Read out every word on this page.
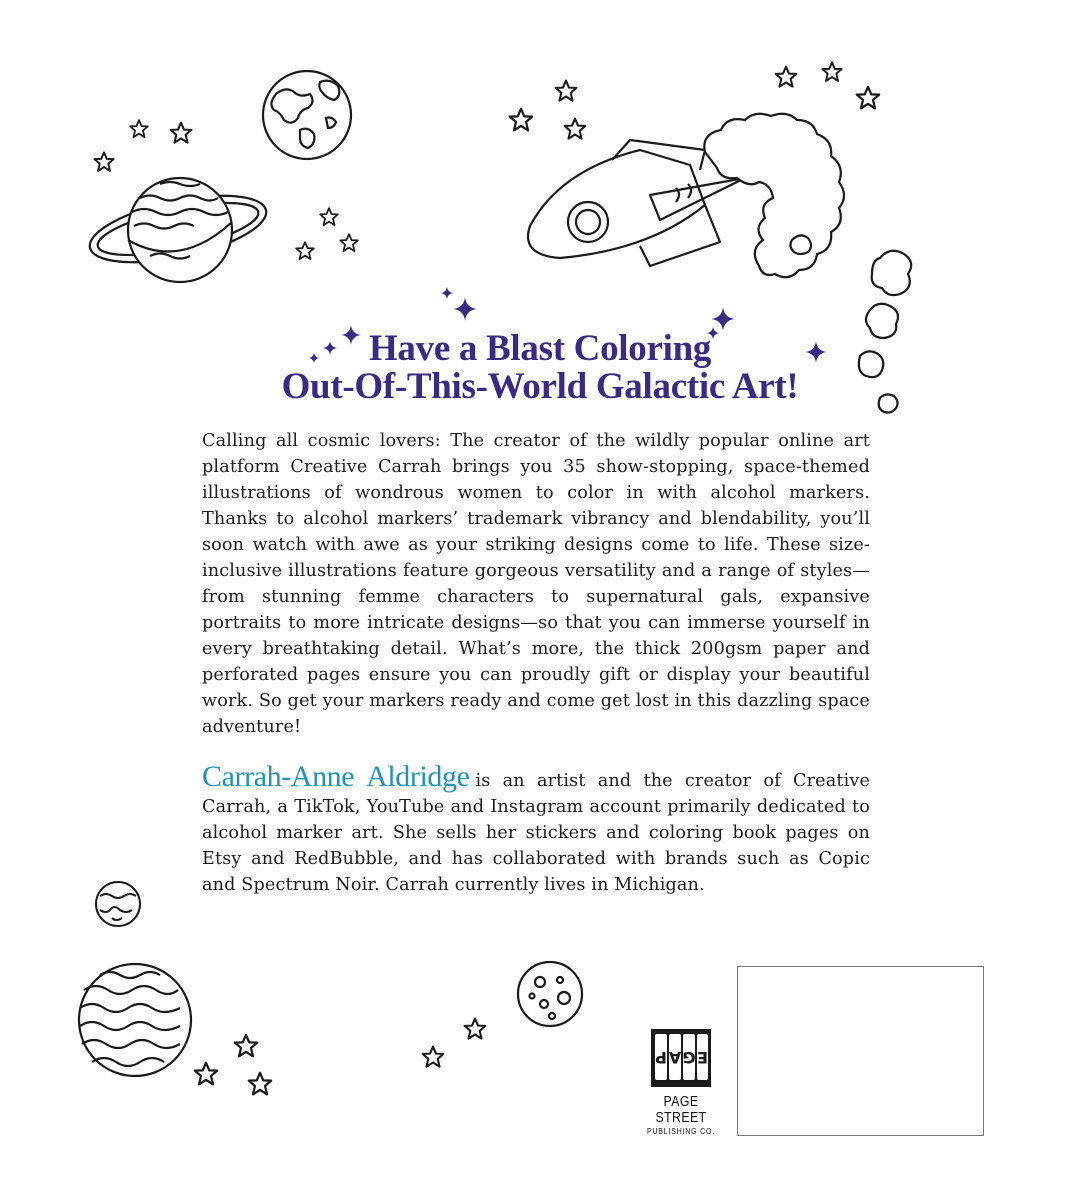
Have a Blast Coloring
Out-Of-This-World Galactic Art!

Calling all cosmic lovers: The creator of the wildly popular online art platform Creative Carrah brings you 35 show-stopping, space-themed illustrations of wondrous women to color in with alcohol markers. Thanks to alcohol markers’ trademark vibrancy and blendability, you’ll soon watch with awe as your striking designs come to life. These size-inclusive illustrations feature gorgeous versatility and a range of styles—from stunning femme characters to supernatural gals, expansive portraits to more intricate designs—so that you can immerse yourself in every breathtaking detail. What’s more, the thick 200gsm paper and perforated pages ensure you can proudly gift or display your beautiful work. So get your markers ready and come get lost in this dazzling space adventure!

Carrah-Anne Aldridge is an artist and the creator of Creative Carrah, a TikTok, YouTube and Instagram account primarily dedicated to alcohol marker art. She sells her stickers and coloring book pages on Etsy and RedBubble, and has collaborated with brands such as Copic and Spectrum Noir. Carrah currently lives in Michigan.

P A G E
PAGE STREET
PUBLISHING CO.
